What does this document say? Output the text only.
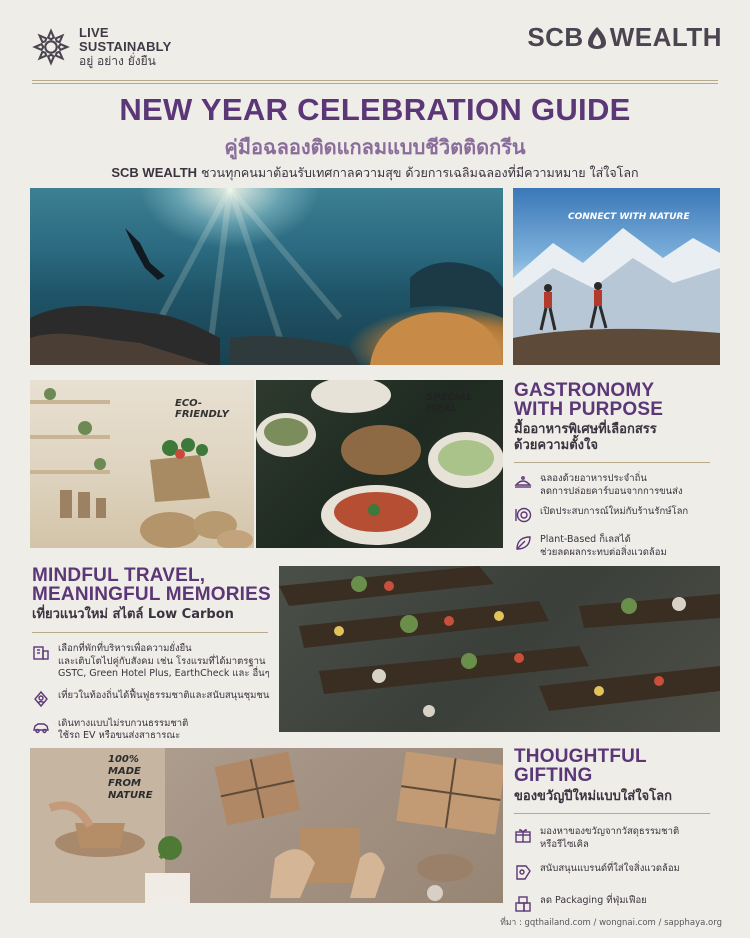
LIVE
SUSTAINABLY
อยู่ อย่าง ยั่งยืน
SCB WEALTH
NEW YEAR CELEBRATION GUIDE
คู่มือฉลองติดแกลมแบบชีวิตติดกรีน
SCB WEALTH ชวนทุกคนมาต้อนรับเทศกาลความสุข ด้วยการเฉลิมฉลองที่มีความหมาย ใส่ใจโลก
CONNECT WITH NATURE
ECO-FRIENDLY
SPECIAL MEAL
GASTRONOMY
WITH PURPOSE
มื้ออาหารพิเศษที่เลือกสรร
ด้วยความตั้งใจ
ฉลองด้วยอาหารประจำถิ่น
ลดการปล่อยคาร์บอนจากการขนส่ง
เปิดประสบการณ์ใหม่กับร้านรักษ์โลก
Plant-Based ก็เลสได้
ช่วยลดผลกระทบต่อสิ่งแวดล้อม
MINDFUL TRAVEL,
MEANINGFUL MEMORIES
เที่ยวแนวใหม่ สไตล์ Low Carbon
เลือกที่พักที่บริหารเพื่อความยั่งยืน
และเติบโตไปคู่กับสังคม เช่น โรงแรมที่ได้มาตรฐาน
GSTC, Green Hotel Plus, EarthCheck และ อื่นๆ
เที่ยวในท้องถิ่นได้ฟื้นฟูธรรมชาติและสนับสนุนชุมชน
เดินทางแบบไม่รบกวนธรรมชาติ
ใช้รถ EV หรือขนส่งสาธารณะ
100% MADE FROM NATURE
THOUGHTFUL GIFTING
ของขวัญปีใหม่แบบใส่ใจโลก
มองหาของขวัญจากวัสดุธรรมชาติ
หรือรีไซเคิล
สนับสนุนแบรนด์ที่ใส่ใจสิ่งแวดล้อม
ลด Packaging ที่ฟุ่มเฟือย
ที่มา : gqthailand.com / wongnai.com / sapphaya.org
